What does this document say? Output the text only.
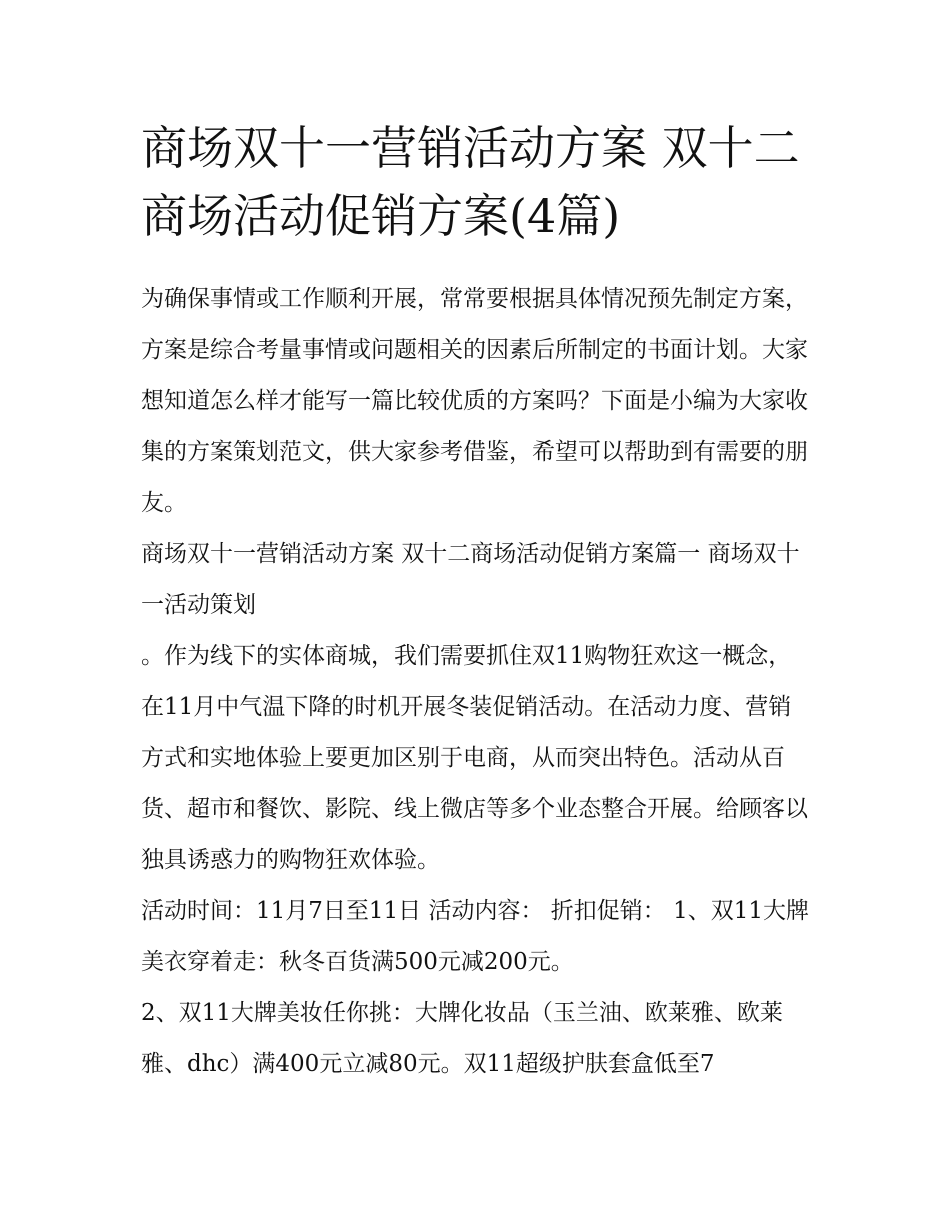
商场双十一营销活动方案 双十二商场活动促销方案(4篇)

为确保事情或工作顺利开展，常常要根据具体情况预先制定方案，方案是综合考量事情或问题相关的因素后所制定的书面计划。大家想知道怎么样才能写一篇比较优质的方案吗？下面是小编为大家收集的方案策划范文，供大家参考借鉴，希望可以帮助到有需要的朋友。

商场双十一营销活动方案 双十二商场活动促销方案篇一 商场双十一活动策划

。作为线下的实体商城，我们需要抓住双11购物狂欢这一概念，在11月中气温下降的时机开展冬装促销活动。在活动力度、营销方式和实地体验上要更加区别于电商，从而突出特色。活动从百货、超市和餐饮、影院、线上微店等多个业态整合开展。给顾客以独具诱惑力的购物狂欢体验。

活动时间：11月7日至11日 活动内容： 折扣促销： 1、双11大牌美衣穿着走：秋冬百货满500元减200元。

2、双11大牌美妆任你挑：大牌化妆品（玉兰油、欧莱雅、欧莱雅、dhc）满400元立减80元。双11超级护肤套盒低至7
